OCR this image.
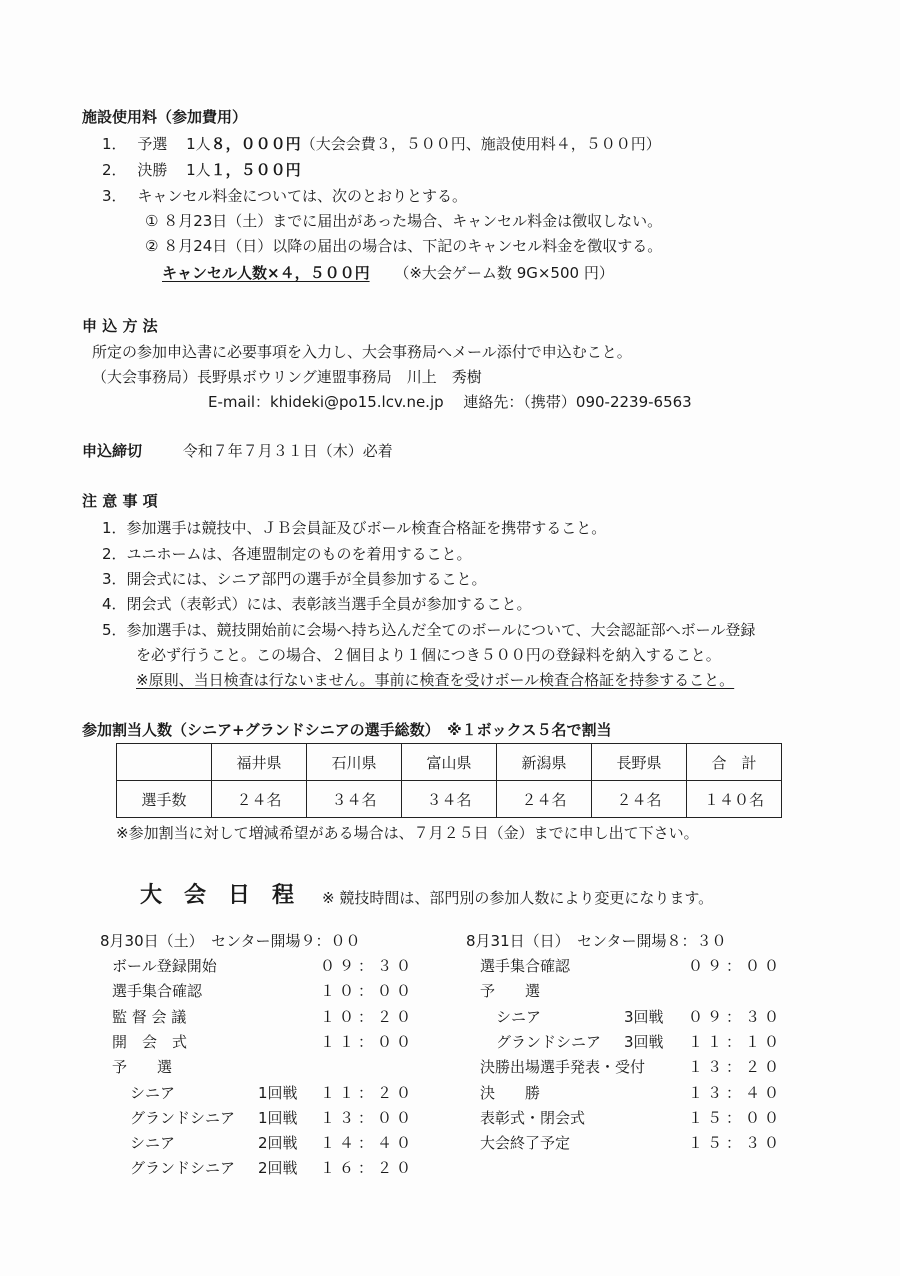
施設使用料（参加費用）
1． 予選 1人８，０００円（大会会費３，５００円、施設使用料４，５００円）
2． 決勝 1人１，５００円
3． キャンセル料金については、次のとおりとする。
① ８月23日（土）までに届出があった場合、キャンセル料金は徴収しない。
② ８月24日（日）以降の届出の場合は、下記のキャンセル料金を徴収する。
キャンセル人数×４，５００円 （※大会ゲーム数 9G×500 円）
申 込 方 法
所定の参加申込書に必要事項を入力し、大会事務局へメール添付で申込むこと。
（大会事務局）長野県ボウリング連盟事務局　川上　秀樹
E-mail：khideki@po15.lcv.ne.jp　 連絡先：（携帯）090-2239-6563
申込締切	令和７年７月３１日（木）必着
注 意 事 項
1．参加選手は競技中、ＪＢ会員証及びボール検査合格証を携帯すること。
2．ユニホームは、各連盟制定のものを着用すること。
3．開会式には、シニア部門の選手が全員参加すること。
4．閉会式（表彰式）には、表彰該当選手全員が参加すること。
5．参加選手は、競技開始前に会場へ持ち込んだ全てのボールについて、大会認証部へボール登録
を必ず行うこと。この場合、２個目より１個につき５００円の登録料を納入すること。
※原則、当日検査は行ないません。事前に検査を受けボール検査合格証を持参すること。
参加割当人数（シニア+グランドシニアの選手総数）　※１ボックス５名で割当
	福井県	石川県	富山県	新潟県	長野県	合　計
選手数	２４名	３４名	３４名	２４名	２４名	１４０名
※参加割当に対して増減希望がある場合は、７月２５日（金）までに申し出て下さい。
大　会　日　程 ※ 競技時間は、部門別の参加人数により変更になります。
8月30日（土）　センター開場９：００
ボール登録開始	０９：３０
選手集合確認	１０：００
監 督 会 議	１０：２０
開　会　式	１１：００
予　　選
シニア	1回戦 １１：２０
グランドシニア 1回戦 １３：００
シニア	2回戦 １４：４０
グランドシニア 2回戦 １６：２０
8月31日（日）　センター開場８：３０
選手集合確認	０９：００
予　　選
シニア	3回戦 ０９：３０
グランドシニア 3回戦 １１：１０
決勝出場選手発表・受付	１３：２０
決　　勝	１３：４０
表彰式・閉会式	１５：００
大会終了予定	１５：３０
